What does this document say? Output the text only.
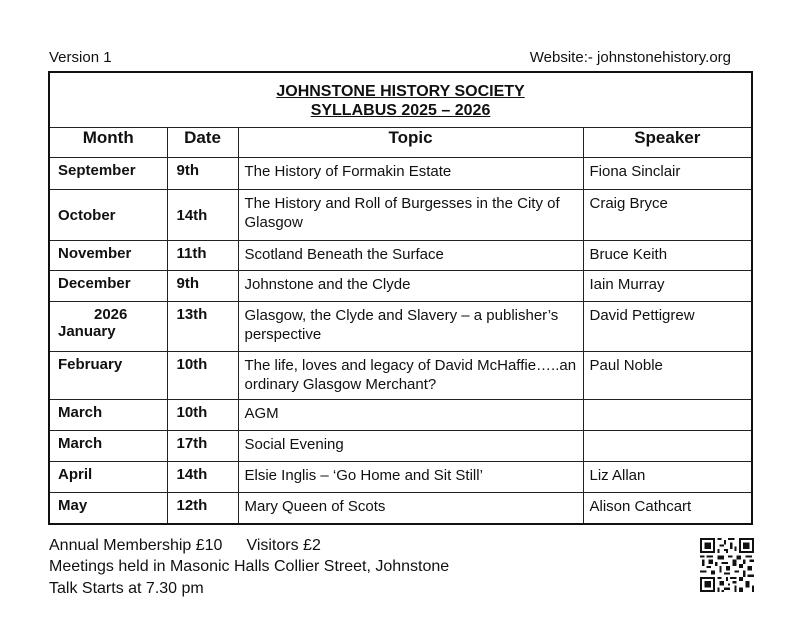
Version 1	Website:- johnstonehistory.org
JOHNSTONE HISTORY SOCIETY
SYLLABUS 2025 – 2026			

Month	Date	Topic	Speaker
September	9th	The History of Formakin Estate	Fiona Sinclair
October	14th	The History and Roll of Burgesses in the City of Glasgow	Craig Bryce
November	11th	Scotland Beneath the Surface	Bruce Keith
December	9th	Johnstone and the Clyde	Iain Murray

2026
January	13th	Glasgow, the Clyde and Slavery – a publisher’s perspective	David Pettigrew
February	10th	The life, loves and legacy of David McHaffie…..an ordinary Glasgow Merchant?	Paul Noble
March	10th	AGM	
March	17th	Social Evening	
April	14th	Elsie Inglis – ‘Go Home and Sit Still’	Liz Allan
May	12th	Mary Queen of Scots	Alison Cathcart
Annual Membership £10 Visitors £2
Meetings held in Masonic Halls Collier Street, Johnstone
Talk Starts at 7.30 pm
